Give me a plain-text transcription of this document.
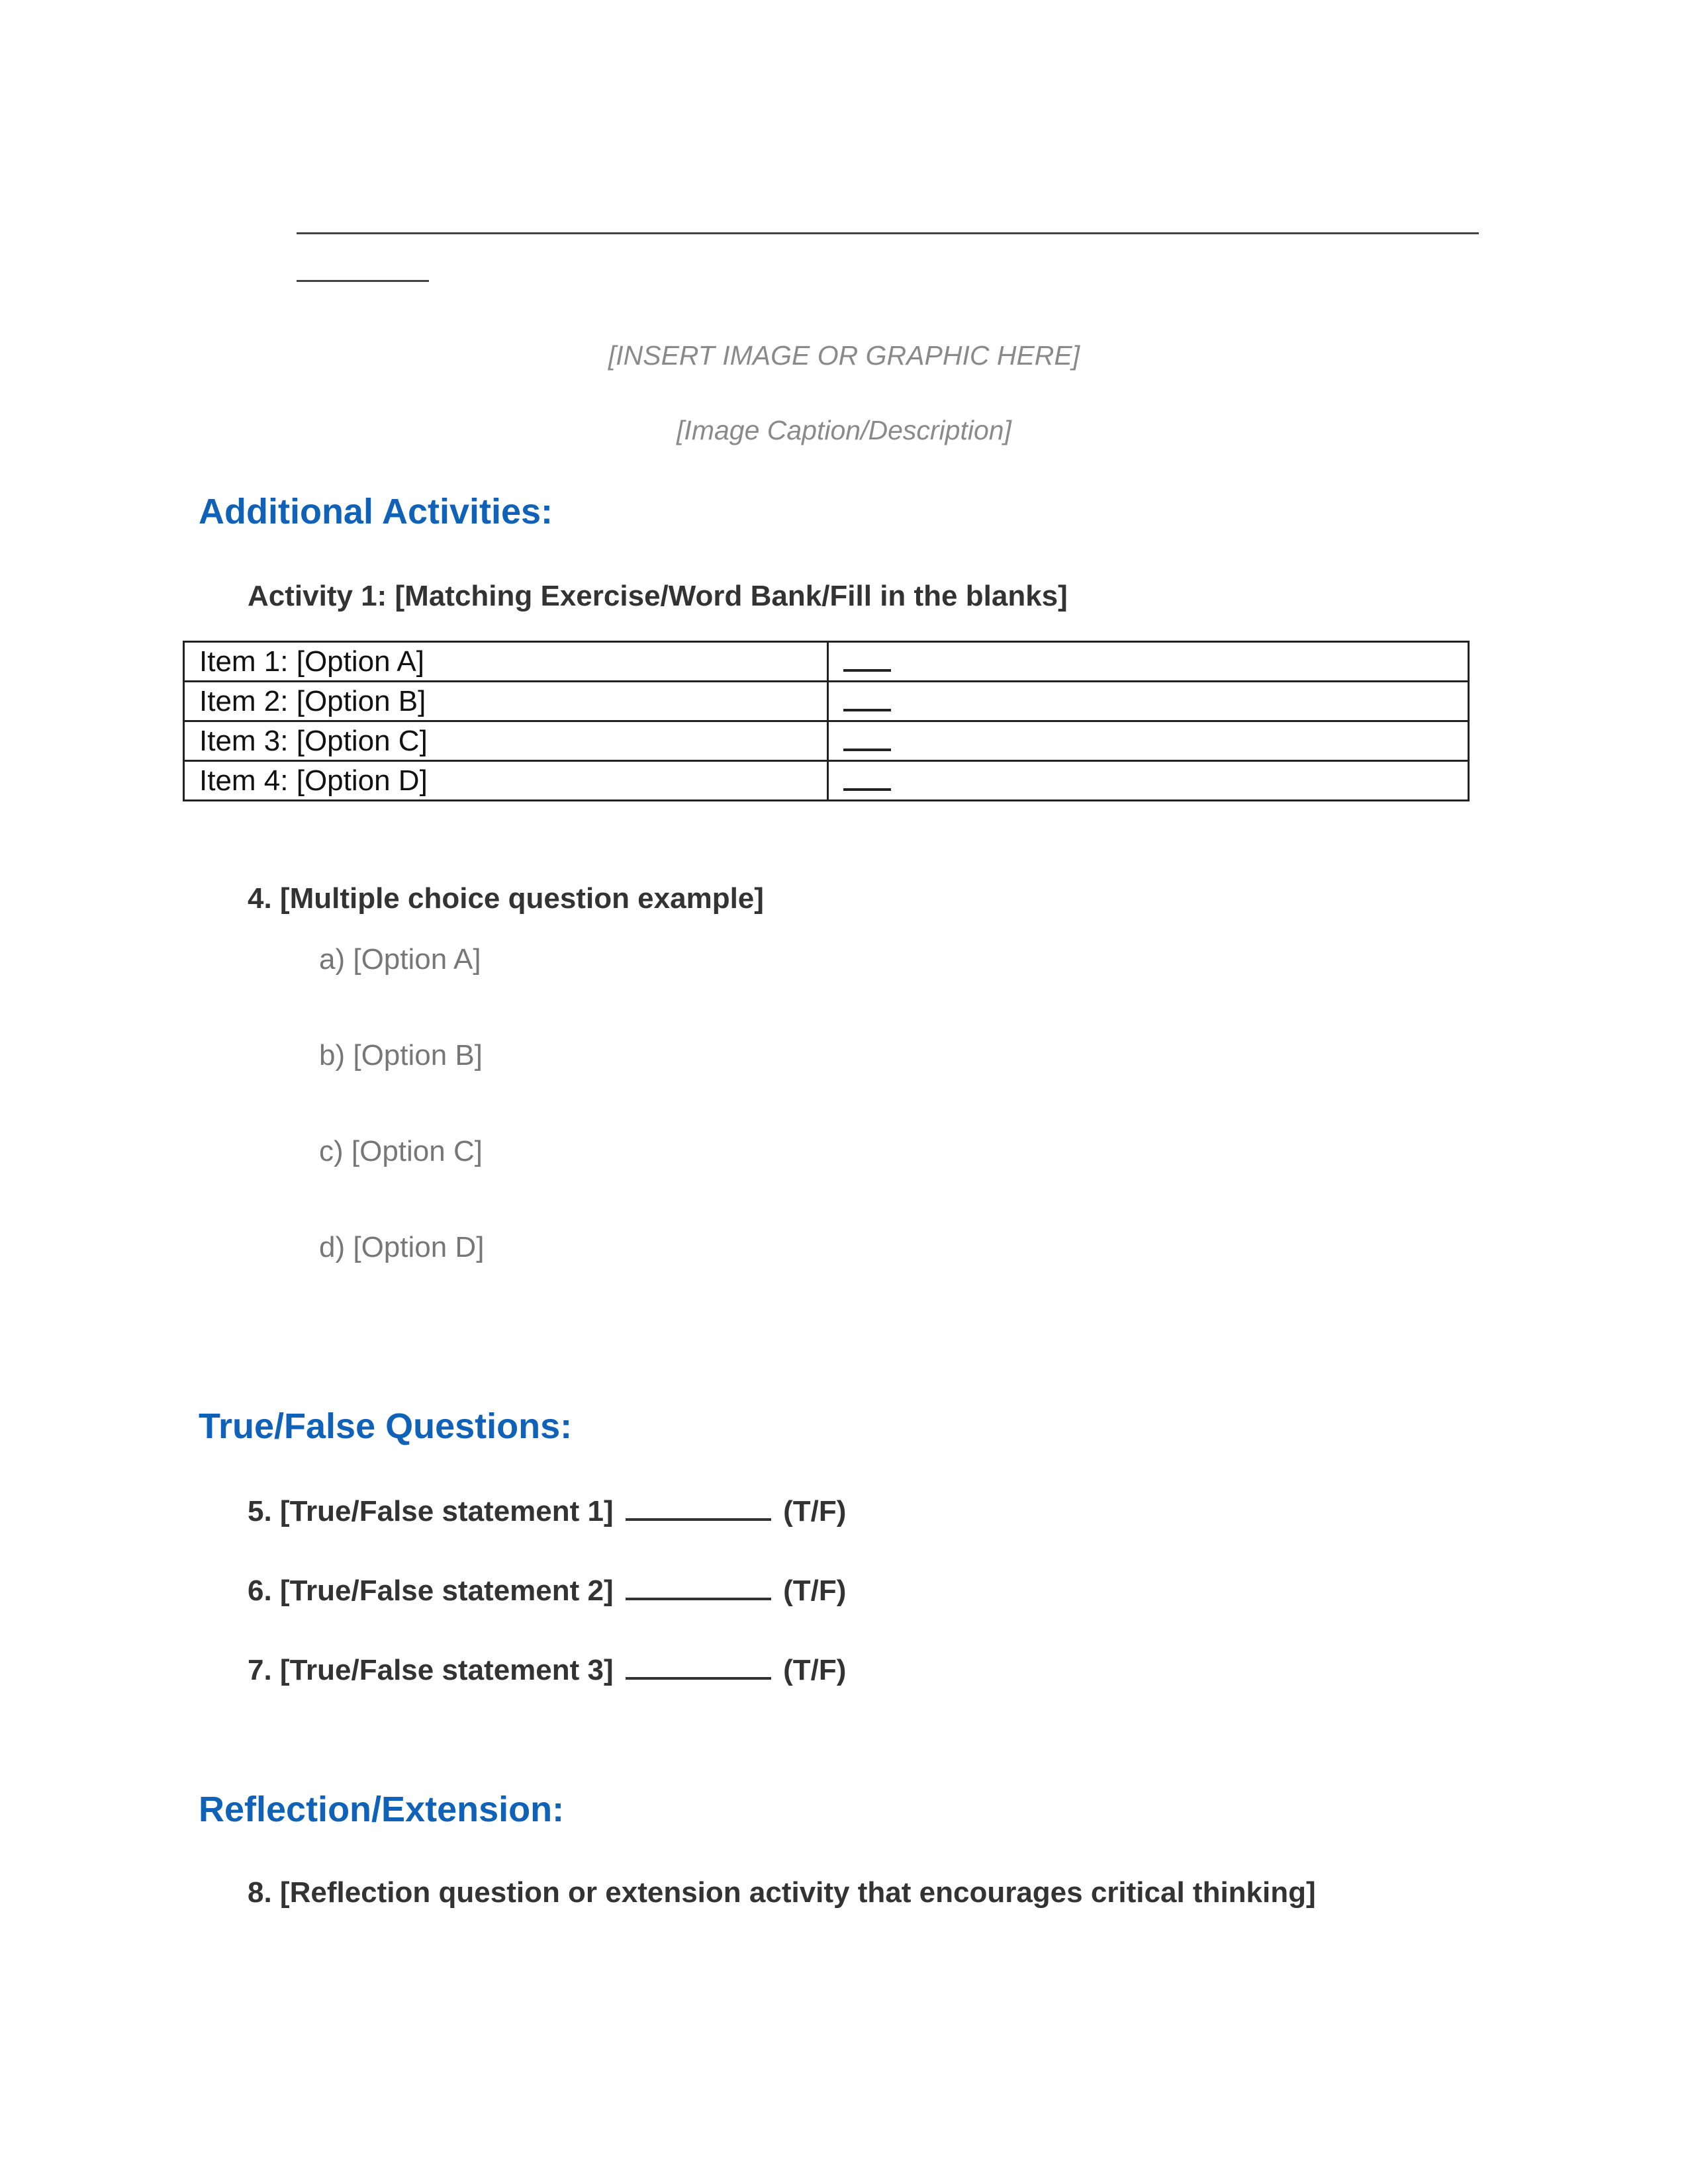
[INSERT IMAGE OR GRAPHIC HERE]
[Image Caption/Description]
Additional Activities:
Activity 1: [Matching Exercise/Word Bank/Fill in the blanks]
Item 1: [Option A]	
Item 2: [Option B]	
Item 3: [Option C]	
Item 4: [Option D]	
4. [Multiple choice question example]
a) [Option A]
b) [Option B]
c) [Option C]
d) [Option D]
True/False Questions:
5. [True/False statement 1]	(T/F)
6. [True/False statement 2]	(T/F)
7. [True/False statement 3]	(T/F)
Reflection/Extension:
8. [Reflection question or extension activity that encourages critical thinking]
